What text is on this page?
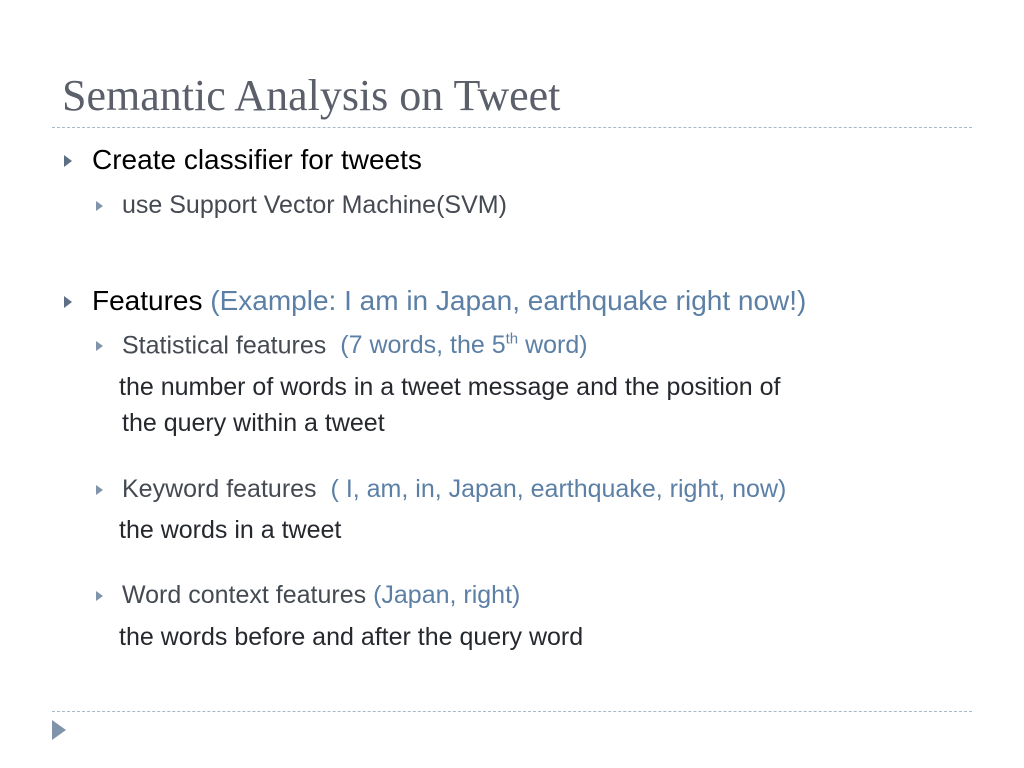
Semantic Analysis on Tweet
Create classifier for tweets
use Support Vector Machine(SVM)
Features (Example: I am in Japan, earthquake right now!)
Statistical features (7 words, the 5th word)
the number of words in a tweet message and the position of
the query within a tweet
Keyword features ( I, am, in, Japan, earthquake, right, now)
the words in a tweet
Word context features (Japan, right)
the words before and after the query word
